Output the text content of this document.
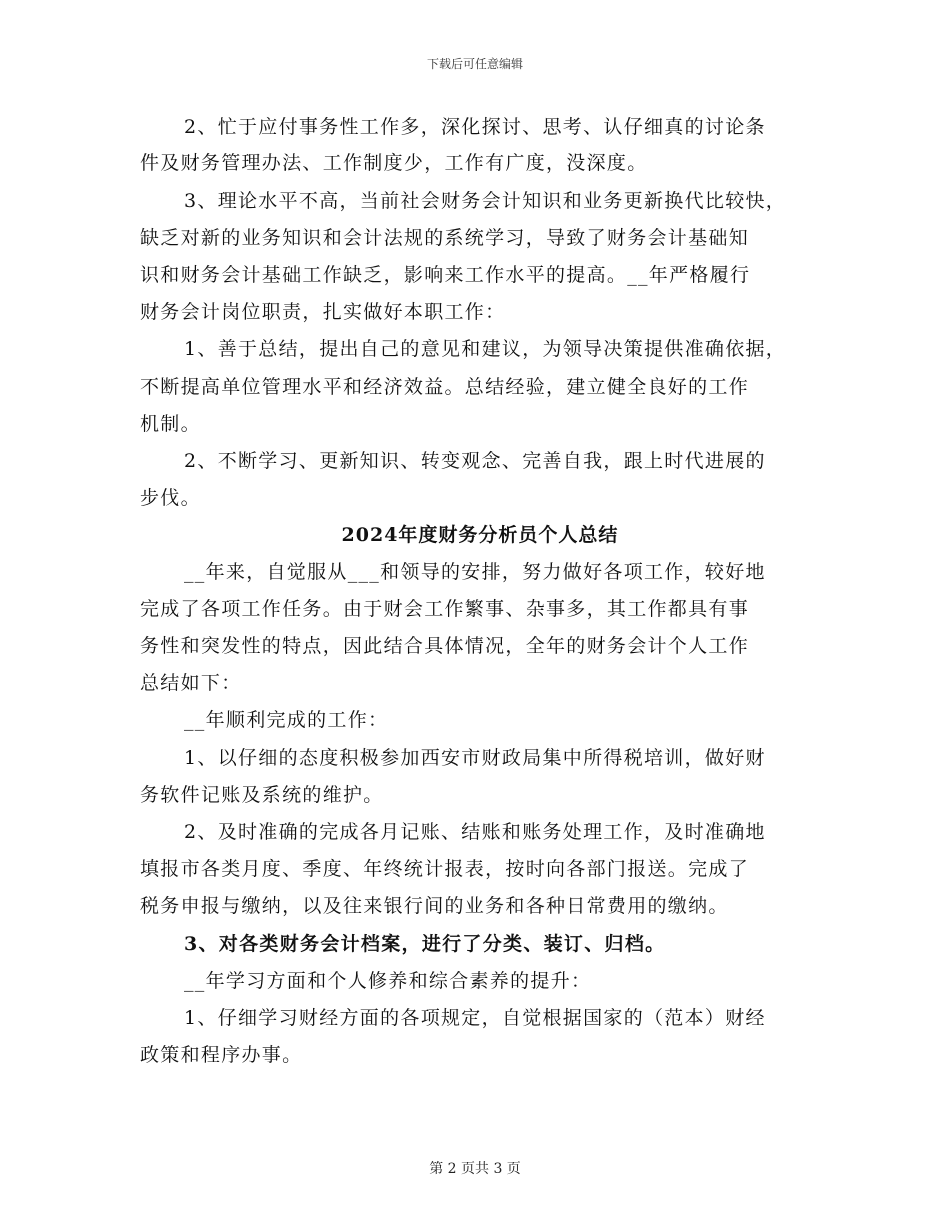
下载后可任意编辑
2、忙于应付事务性工作多，深化探讨、思考、认仔细真的讨论条
件及财务管理办法、工作制度少，工作有广度，没深度。
3、理论水平不高，当前社会财务会计知识和业务更新换代比较快，
缺乏对新的业务知识和会计法规的系统学习，导致了财务会计基础知
识和财务会计基础工作缺乏，影响来工作水平的提高。__年严格履行
财务会计岗位职责，扎实做好本职工作：
1、善于总结，提出自己的意见和建议，为领导决策提供准确依据，
不断提高单位管理水平和经济效益。总结经验，建立健全良好的工作
机制。
2、不断学习、更新知识、转变观念、完善自我，跟上时代进展的
步伐。
2024年度财务分析员个人总结
__年来，自觉服从___和领导的安排，努力做好各项工作，较好地
完成了各项工作任务。由于财会工作繁事、杂事多，其工作都具有事
务性和突发性的特点，因此结合具体情况，全年的财务会计个人工作
总结如下：
__年顺利完成的工作：
1、以仔细的态度积极参加西安市财政局集中所得税培训，做好财
务软件记账及系统的维护。
2、及时准确的完成各月记账、结账和账务处理工作，及时准确地
填报市各类月度、季度、年终统计报表，按时向各部门报送。完成了
税务申报与缴纳，以及往来银行间的业务和各种日常费用的缴纳。
3、对各类财务会计档案，进行了分类、装订、归档。
__年学习方面和个人修养和综合素养的提升：
1、仔细学习财经方面的各项规定，自觉根据国家的（范本）财经
政策和程序办事。
第 2 页共 3 页
